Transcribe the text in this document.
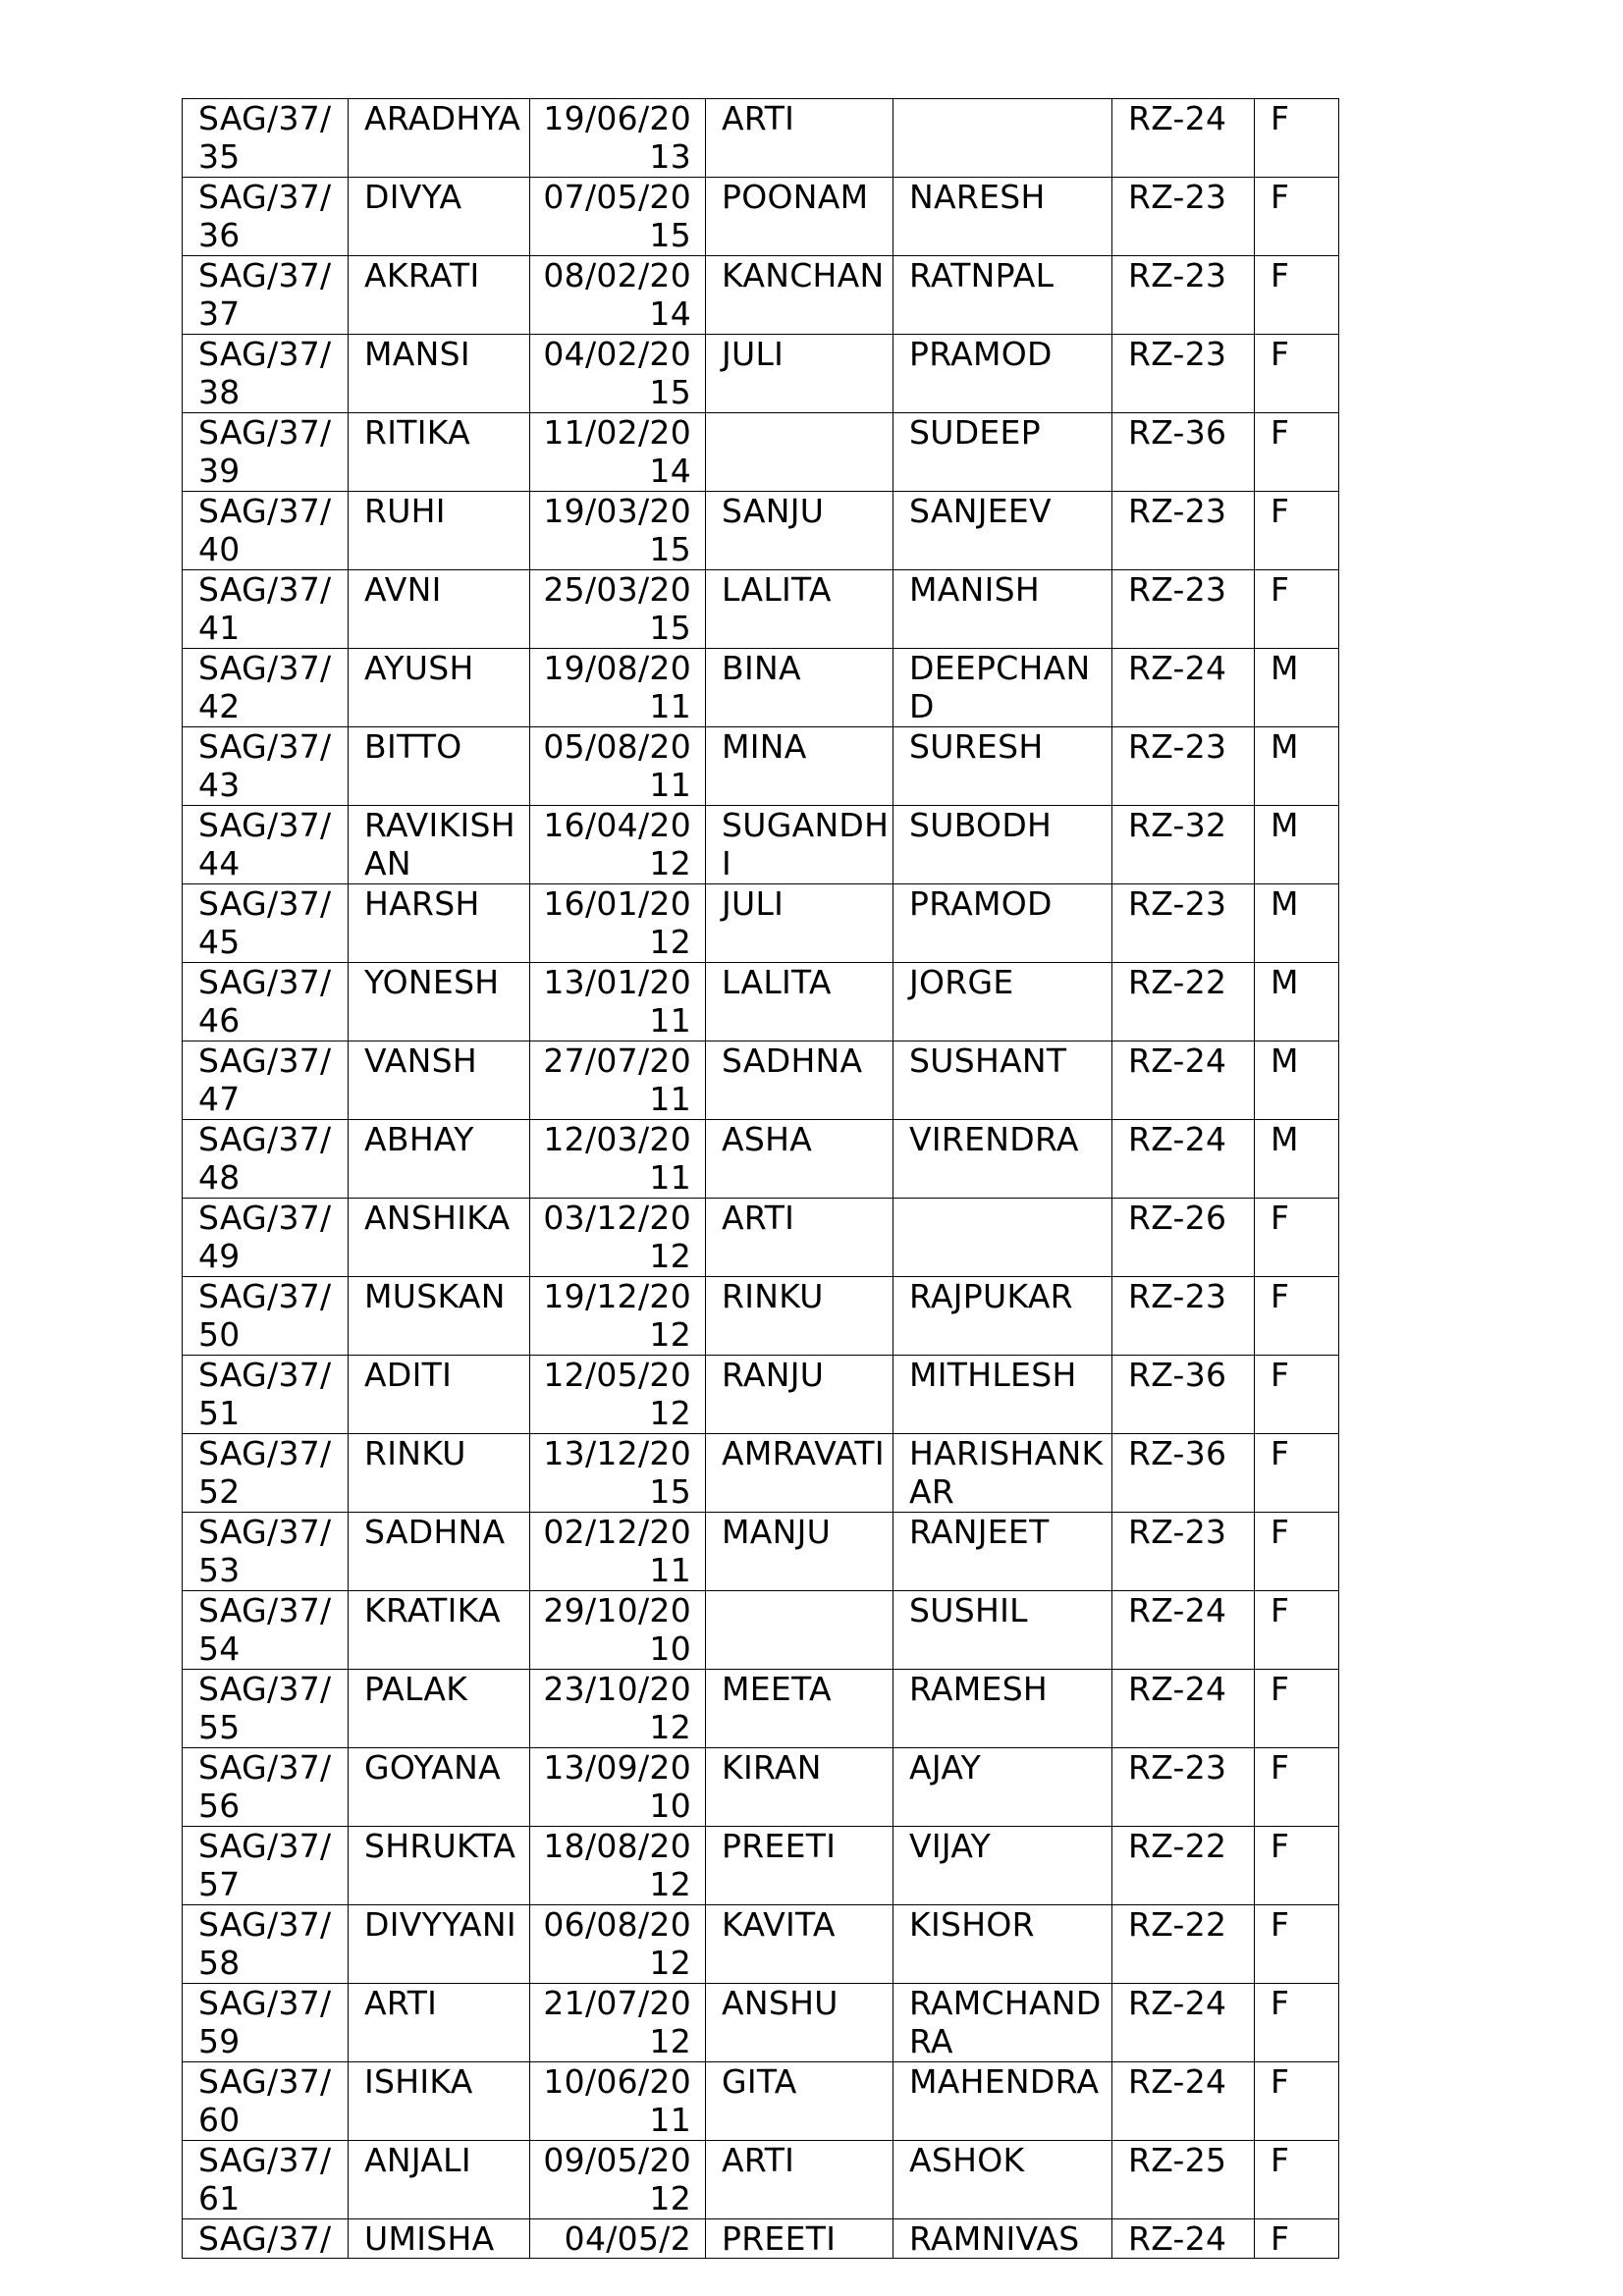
SAG/37/35	ARADHYA	19/06/2013	ARTI		RZ-24	F

SAG/37/36	DIVYA	07/05/2015	POONAM	NARESH	RZ-23	F

SAG/37/37	AKRATI	08/02/2014	KANCHAN	RATNPAL	RZ-23	F

SAG/37/38	MANSI	04/02/2015	JULI	PRAMOD	RZ-23	F

SAG/37/39	RITIKA	11/02/2014		SUDEEP	RZ-36	F

SAG/37/40	RUHI	19/03/2015	SANJU	SANJEEV	RZ-23	F

SAG/37/41	AVNI	25/03/2015	LALITA	MANISH	RZ-23	F

SAG/37/42	AYUSH	19/08/2011	BINA	DEEPCHAND	RZ-24	M

SAG/37/43	BITTO	05/08/2011	MINA	SURESH	RZ-23	M

SAG/37/44	RAVIKISHAN	16/04/2012	SUGANDHI	SUBODH	RZ-32	M

SAG/37/45	HARSH	16/01/2012	JULI	PRAMOD	RZ-23	M

SAG/37/46	YONESH	13/01/2011	LALITA	JORGE	RZ-22	M

SAG/37/47	VANSH	27/07/2011	SADHNA	SUSHANT	RZ-24	M

SAG/37/48	ABHAY	12/03/2011	ASHA	VIRENDRA	RZ-24	M

SAG/37/49	ANSHIKA	03/12/2012	ARTI		RZ-26	F

SAG/37/50	MUSKAN	19/12/2012	RINKU	RAJPUKAR	RZ-23	F

SAG/37/51	ADITI	12/05/2012	RANJU	MITHLESH	RZ-36	F

SAG/37/52	RINKU	13/12/2015	AMRAVATI	HARISHANKAR	RZ-36	F

SAG/37/53	SADHNA	02/12/2011	MANJU	RANJEET	RZ-23	F

SAG/37/54	KRATIKA	29/10/2010		SUSHIL	RZ-24	F

SAG/37/55	PALAK	23/10/2012	MEETA	RAMESH	RZ-24	F

SAG/37/56	GOYANA	13/09/2010	KIRAN	AJAY	RZ-23	F

SAG/37/57	SHRUKTA	18/08/2012	PREETI	VIJAY	RZ-22	F

SAG/37/58	DIVYYANI	06/08/2012	KAVITA	KISHOR	RZ-22	F

SAG/37/59	ARTI	21/07/2012	ANSHU	RAMCHANDRA	RZ-24	F

SAG/37/60	ISHIKA	10/06/2011	GITA	MAHENDRA	RZ-24	F

SAG/37/61	ANJALI	09/05/2012	ARTI	ASHOK	RZ-25	F

SAG/37/	UMISHA	04/05/2	PREETI	RAMNIVAS	RZ-24	F
